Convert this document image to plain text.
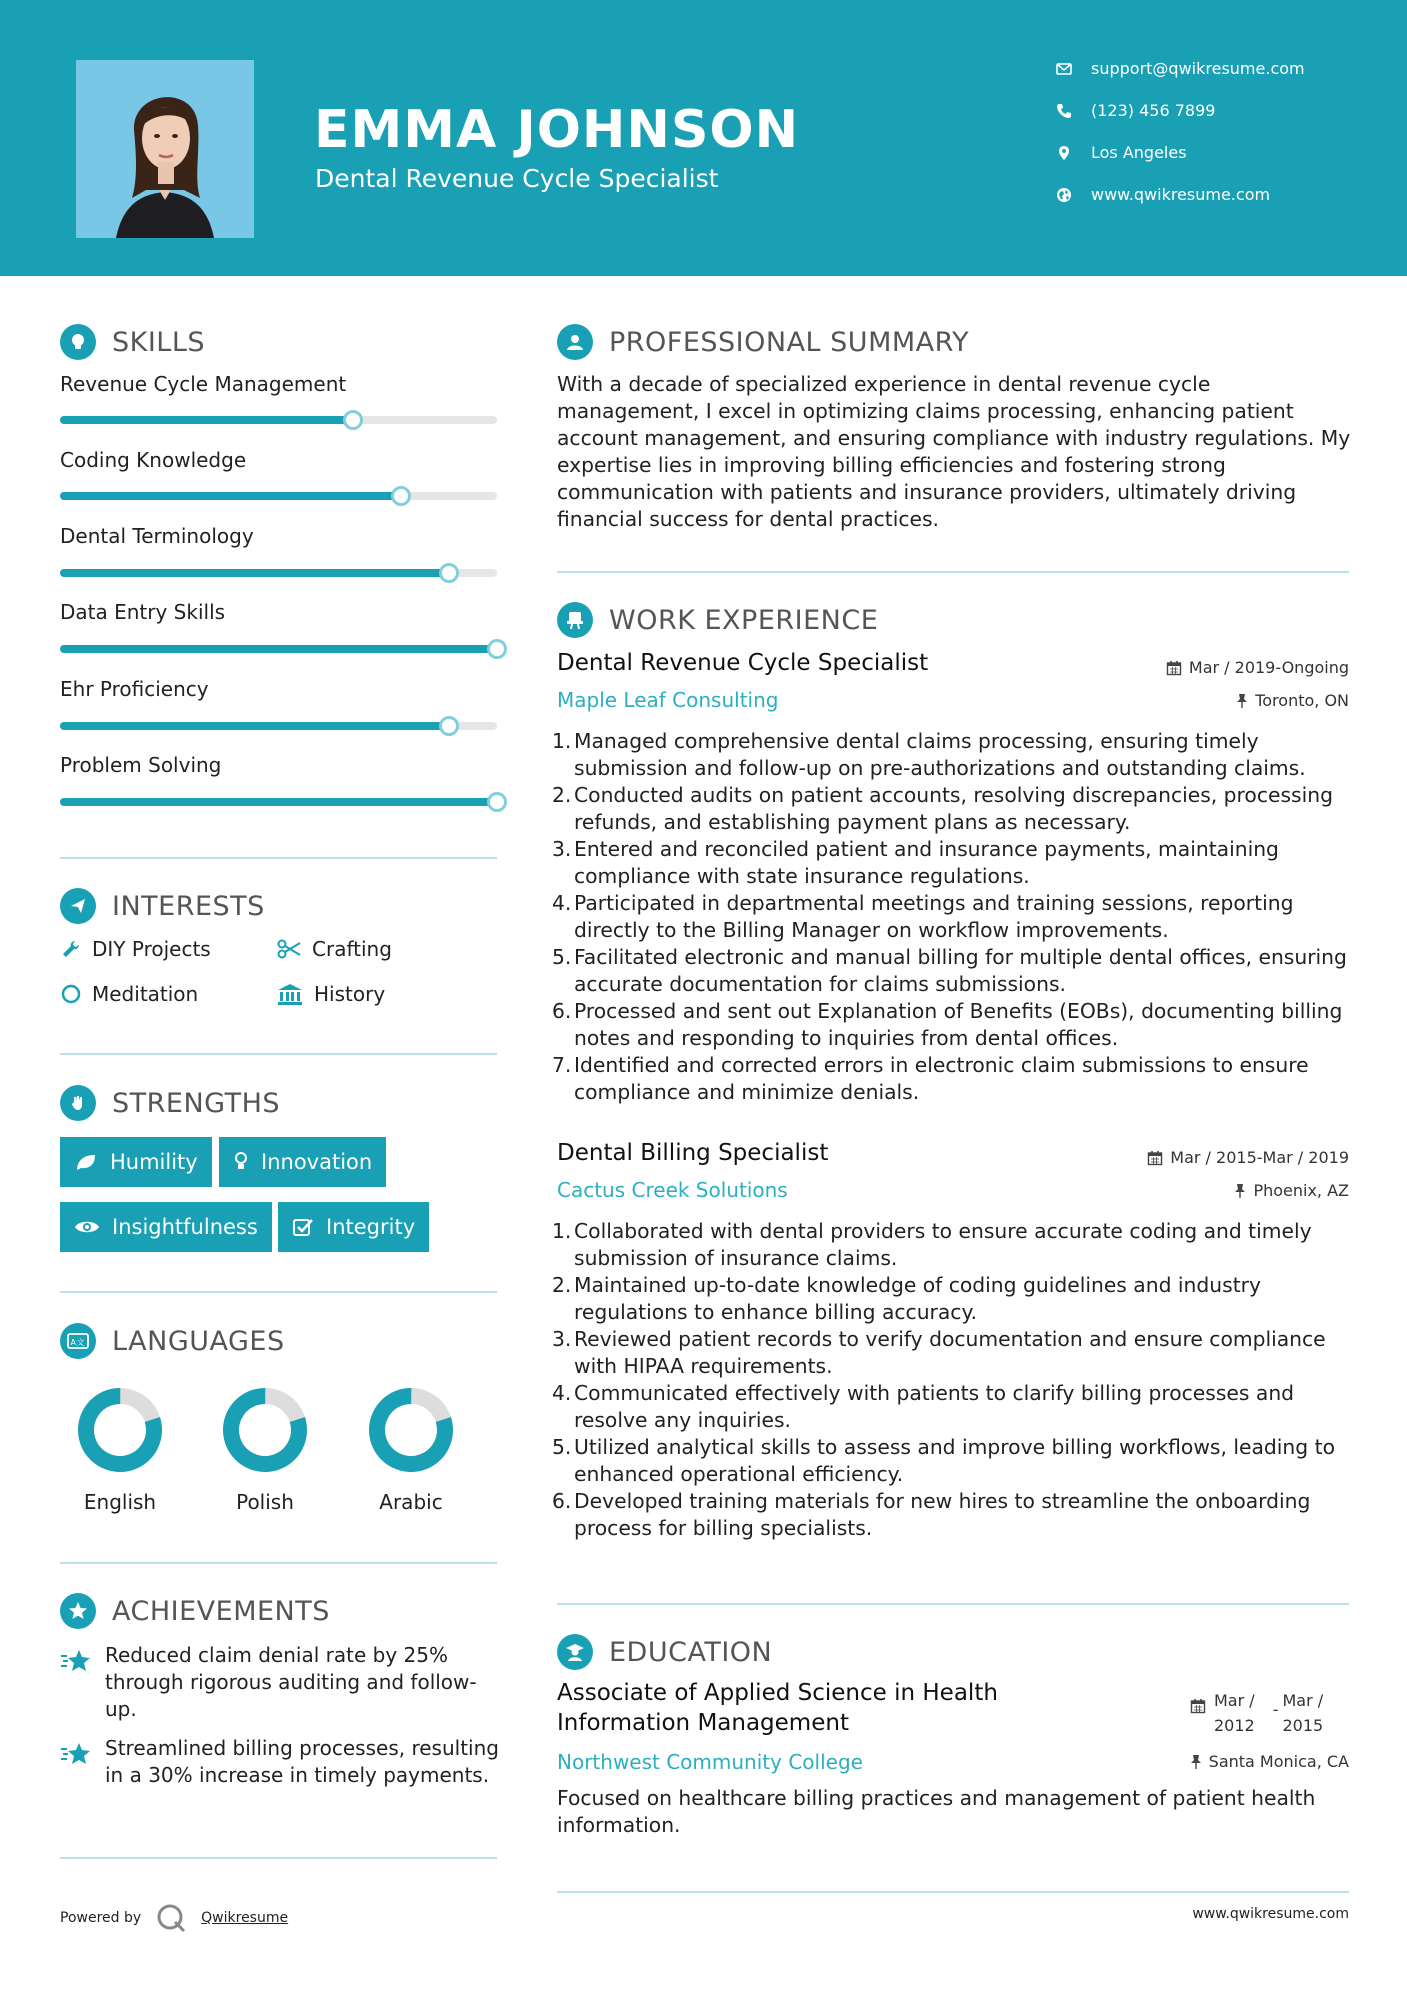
EMMA JOHNSON
Dental Revenue Cycle Specialist
support@qwikresume.com
(123) 456 7899
Los Angeles
www.qwikresume.com
SKILLS
Revenue Cycle Management
Coding Knowledge
Dental Terminology
Data Entry Skills
Ehr Proficiency
Problem Solving
INTERESTS
DIY Projects	Crafting
Meditation	History
STRENGTHS
Humility	Innovation
Insightfulness	Integrity
A文 LANGUAGES
English	Polish	Arabic
ACHIEVEMENTS
Reduced claim denial rate by 25% through rigorous auditing and follow-up.
Streamlined billing processes, resulting in a 30% increase in timely payments.
Powered by	Qwikresume
PROFESSIONAL SUMMARY
With a decade of specialized experience in dental revenue cycle management, I excel in optimizing claims processing, enhancing patient account management, and ensuring compliance with industry regulations. My expertise lies in improving billing efficiencies and fostering strong communication with patients and insurance providers, ultimately driving financial success for dental practices.
WORK EXPERIENCE
Dental Revenue Cycle Specialist	Mar / 2019-Ongoing
Maple Leaf Consulting	Toronto, ON
Managed comprehensive dental claims processing, ensuring timely submission and follow-up on pre-authorizations and outstanding claims.
Conducted audits on patient accounts, resolving discrepancies, processing refunds, and establishing payment plans as necessary.
Entered and reconciled patient and insurance payments, maintaining compliance with state insurance regulations.
Participated in departmental meetings and training sessions, reporting directly to the Billing Manager on workflow improvements.
Facilitated electronic and manual billing for multiple dental offices, ensuring accurate documentation for claims submissions.
Processed and sent out Explanation of Benefits (EOBs), documenting billing notes and responding to inquiries from dental offices.
Identified and corrected errors in electronic claim submissions to ensure compliance and minimize denials.
Dental Billing Specialist	Mar / 2015-Mar / 2019
Cactus Creek Solutions	Phoenix, AZ
Collaborated with dental providers to ensure accurate coding and timely submission of insurance claims.
Maintained up-to-date knowledge of coding guidelines and industry regulations to enhance billing accuracy.
Reviewed patient records to verify documentation and ensure compliance with HIPAA requirements.
Communicated effectively with patients to clarify billing processes and resolve any inquiries.
Utilized analytical skills to assess and improve billing workflows, leading to enhanced operational efficiency.
Developed training materials for new hires to streamline the onboarding process for billing specialists.
EDUCATION
Associate of Applied Science in Health
Information Management
Mar /
2012
- Mar /
2015
Northwest Community College	Santa Monica, CA
Focused on healthcare billing practices and management of patient health information.
www.qwikresume.com
